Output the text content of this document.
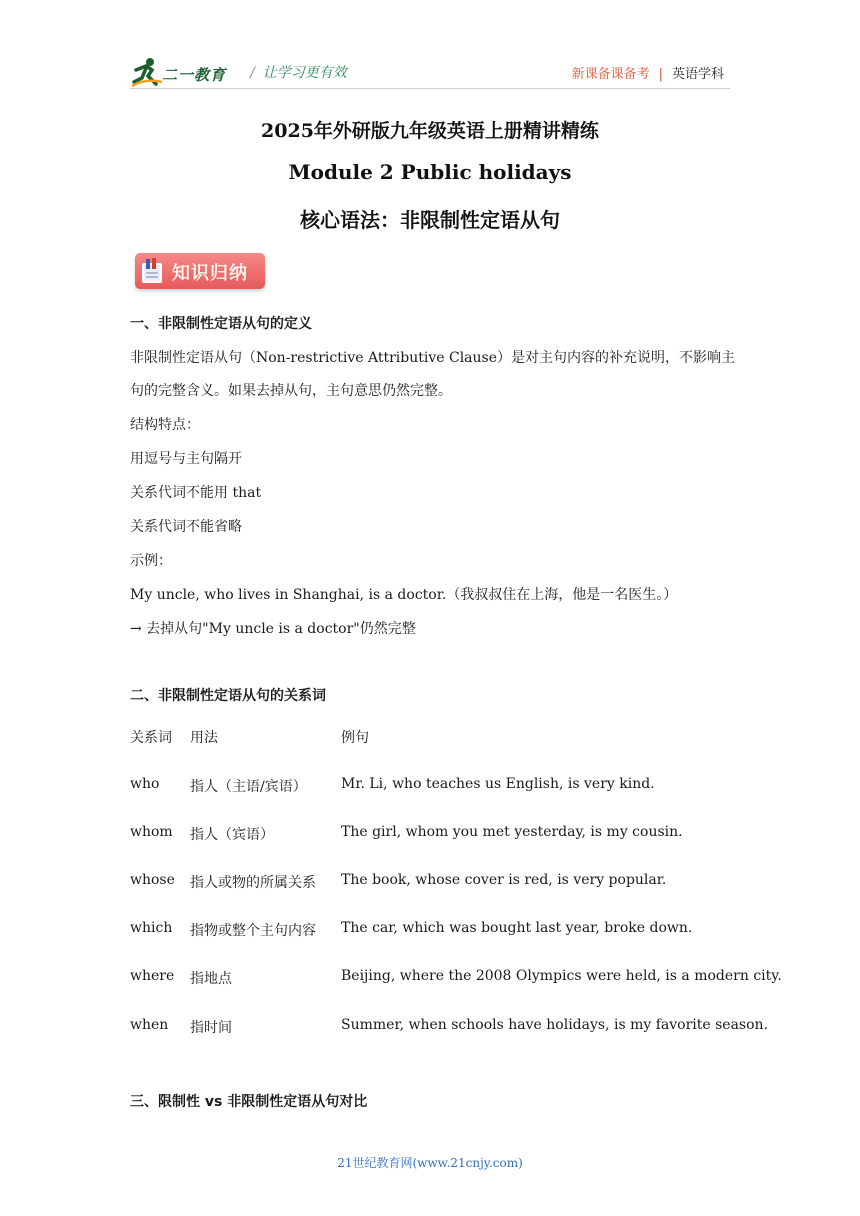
二一教育 / 让学习更有效	新课备课备考 | 英语学科
2025年外研版九年级英语上册精讲精练
Module 2 Public holidays
核心语法：非限制性定语从句
知识归纳
一、非限制性定语从句的定义
非限制性定语从句（Non-restrictive Attributive Clause）是对主句内容的补充说明，不影响主
句的完整含义。如果去掉从句，主句意思仍然完整。
结构特点：
用逗号与主句隔开
关系代词不能用 that
关系代词不能省略
示例：
My uncle, who lives in Shanghai, is a doctor.（我叔叔住在上海，他是一名医生。）
→ 去掉从句"My uncle is a doctor"仍然完整
二、非限制性定语从句的关系词
关系词 用法	例句
who 指人（主语/宾语） Mr. Li, who teaches us English, is very kind.
whom 指人（宾语）	The girl, whom you met yesterday, is my cousin.
whose 指人或物的所属关系 The book, whose cover is red, is very popular.
which 指物或整个主句内容 The car, which was bought last year, broke down.
where 指地点	Beijing, where the 2008 Olympics were held, is a modern city.
when 指时间	Summer, when schools have holidays, is my favorite season.
三、限制性 vs 非限制性定语从句对比
21世纪教育网(www.21cnjy.com)
